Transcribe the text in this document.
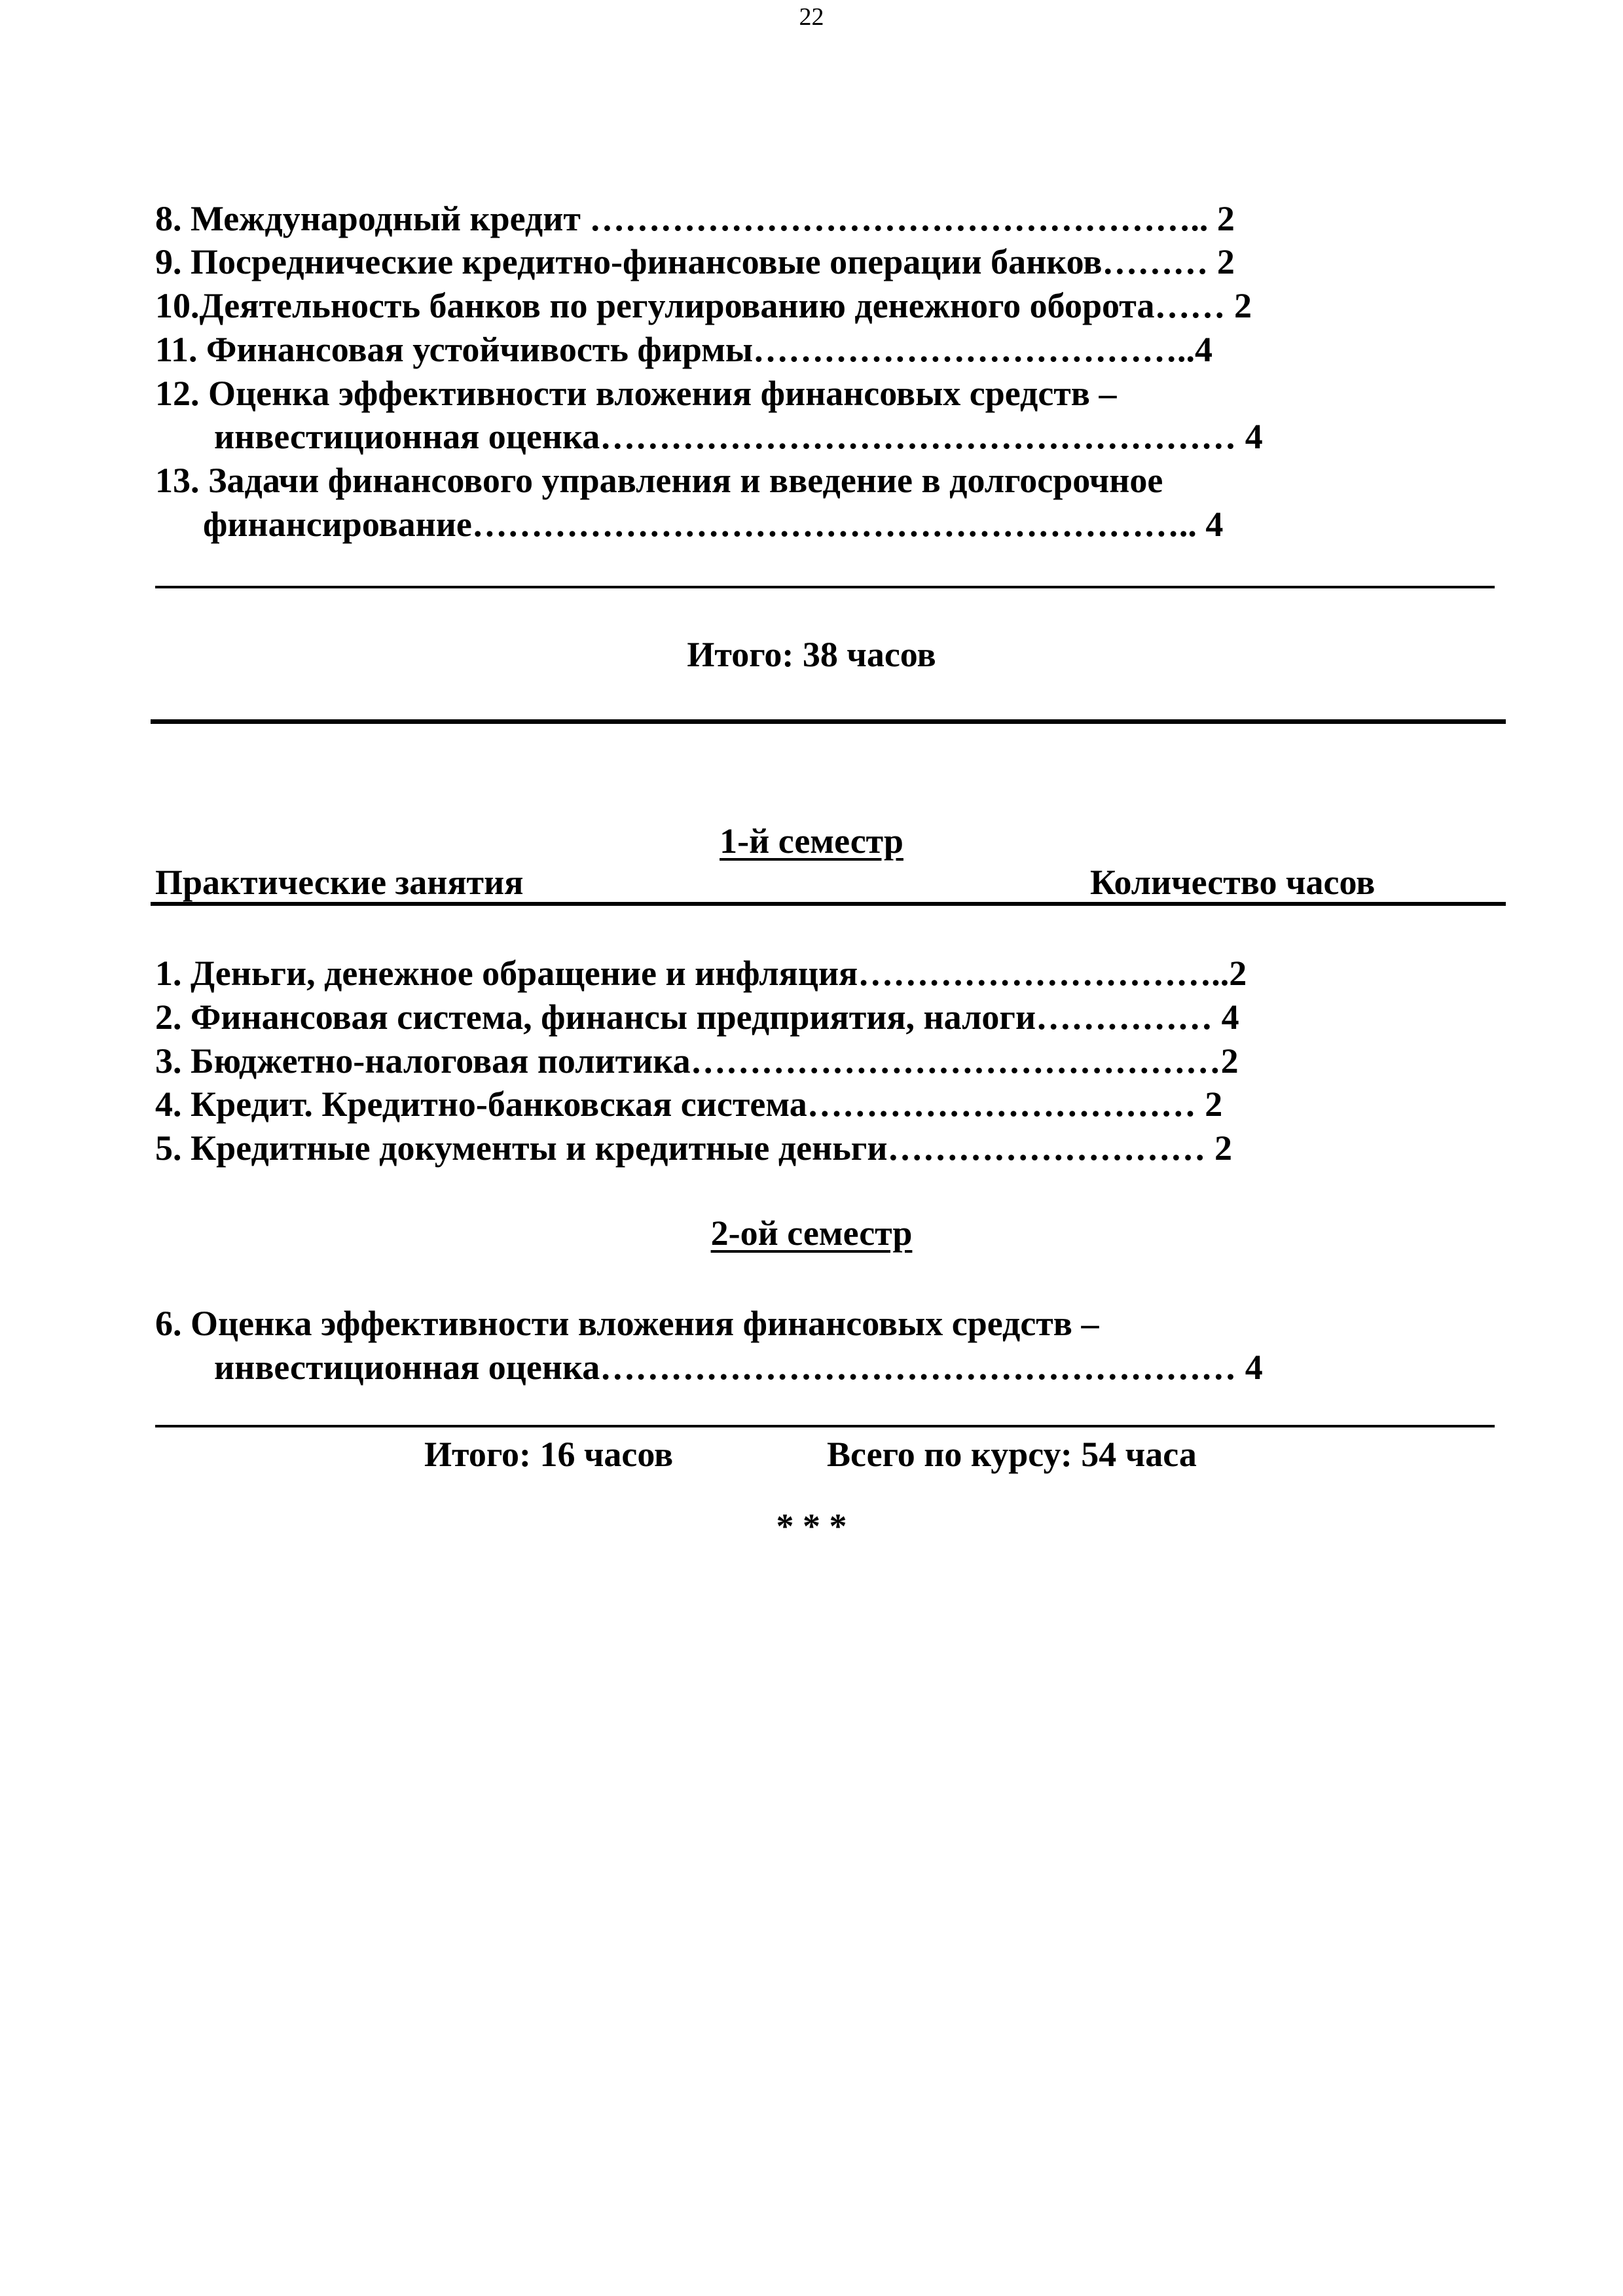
22
8. Международный кредит …………………………………………….. 2
9. Посреднические кредитно-финансовые операции банков……… 2
10.Деятельность банков по регулированию денежного оборота…… 2
11. Финансовая устойчивость фирмы………………………………..4
12. Оценка эффективности вложения финансовых средств –
инвестиционная оценка……………………………………………… 4
13. Задачи финансового управления и введение в долгосрочное
финансирование…………………………………………………….. 4
Итого: 38 часов
1-й семестр
Практические занятия	Количество часов
1. Деньги, денежное обращение и инфляция…………………………..2
2. Финансовая система, финансы предприятия, налоги…………… 4
3. Бюджетно-налоговая политика………………………………………2
4. Кредит. Кредитно-банковская система…………………………… 2
5. Кредитные документы и кредитные деньги……………………… 2
2-ой семестр
6. Оценка эффективности вложения финансовых средств –
инвестиционная оценка……………………………………………… 4
Итого: 16 часов	Всего по курсу: 54 часа
* * *
